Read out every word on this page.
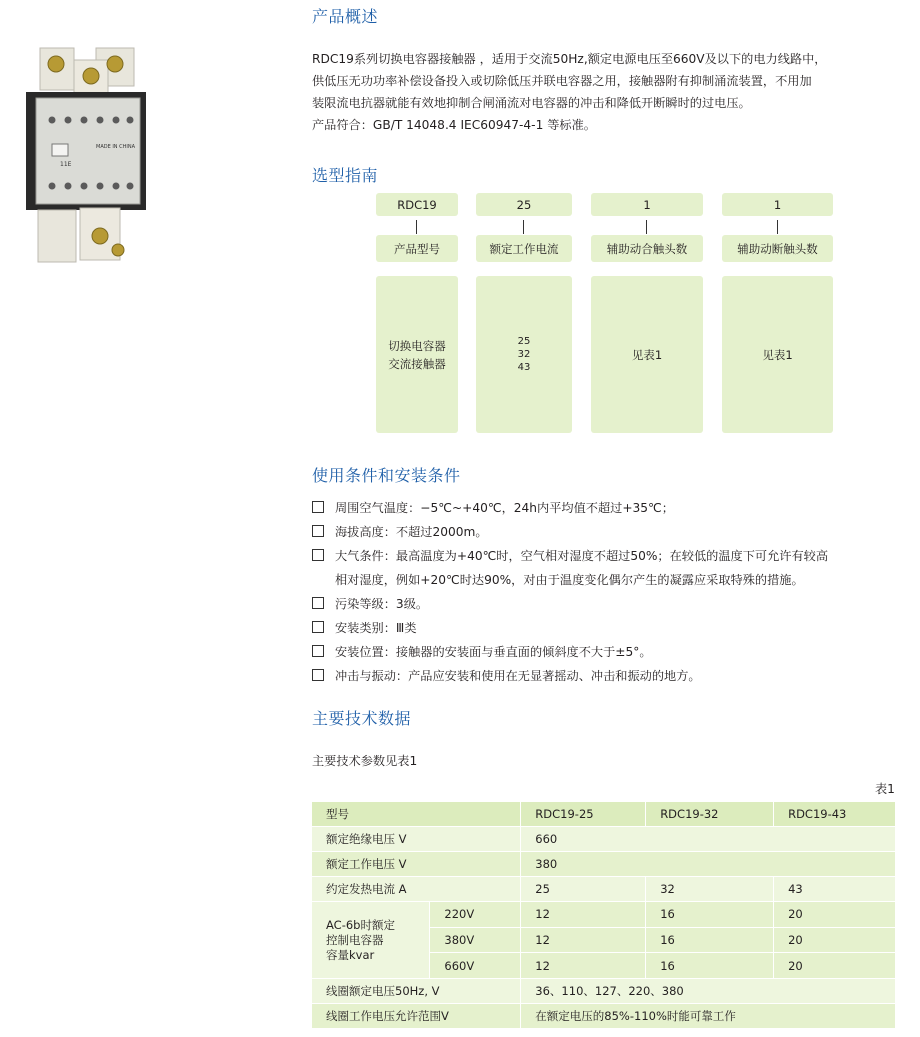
MADE IN CHINA
11E
产品概述

RDC19系列切换电容器接触器 ，适用于交流50Hz,额定电源电压至660V及以下的电力线路中，

供低压无功功率补偿设备投入或切除低压并联电容器之用，接触器附有抑制涌流装置，不用加

装限流电抗器就能有效地抑制合闸涌流对电容器的冲击和降低开断瞬时的过电压。

产品符合：GB/T 14048.4 IEC60947-4-1 等标准。

选型指南
RDC19	25	1	1
产品型号	额定工作电流	辅助动合触头数	辅助动断触头数
切换电容器
交流接触器
25
32
43
见表1	见表1
使用条件和安装条件
周围空气温度：−5℃~+40℃，24h内平均值不超过+35℃；
海拔高度：不超过2000m。
大气条件：最高温度为+40℃时，空气相对湿度不超过50%；在较低的温度下可允许有较高
相对湿度，例如+20℃时达90%，对由于温度变化偶尔产生的凝露应采取特殊的措施。
污染等级：3级。
安装类别：Ⅲ类
安装位置：接触器的安装面与垂直面的倾斜度不大于±5°。
冲击与振动：产品应安装和使用在无显著摇动、冲击和振动的地方。
主要技术数据
主要技术参数见表1
表1
型号		RDC19-25	RDC19-32	RDC19-43
额定绝缘电压 V		660		
额定工作电压 V		380		
约定发热电流 A		25	32	43

AC-6b时额定
控制电容器
容量kvar	220V	12	16	20
	380V	12	16	20
	660V	12	16	20
线圈额定电压50Hz, V		36、110、127、220、380		
线圈工作电压允许范围V		在额定电压的85%-110%时能可靠工作		
